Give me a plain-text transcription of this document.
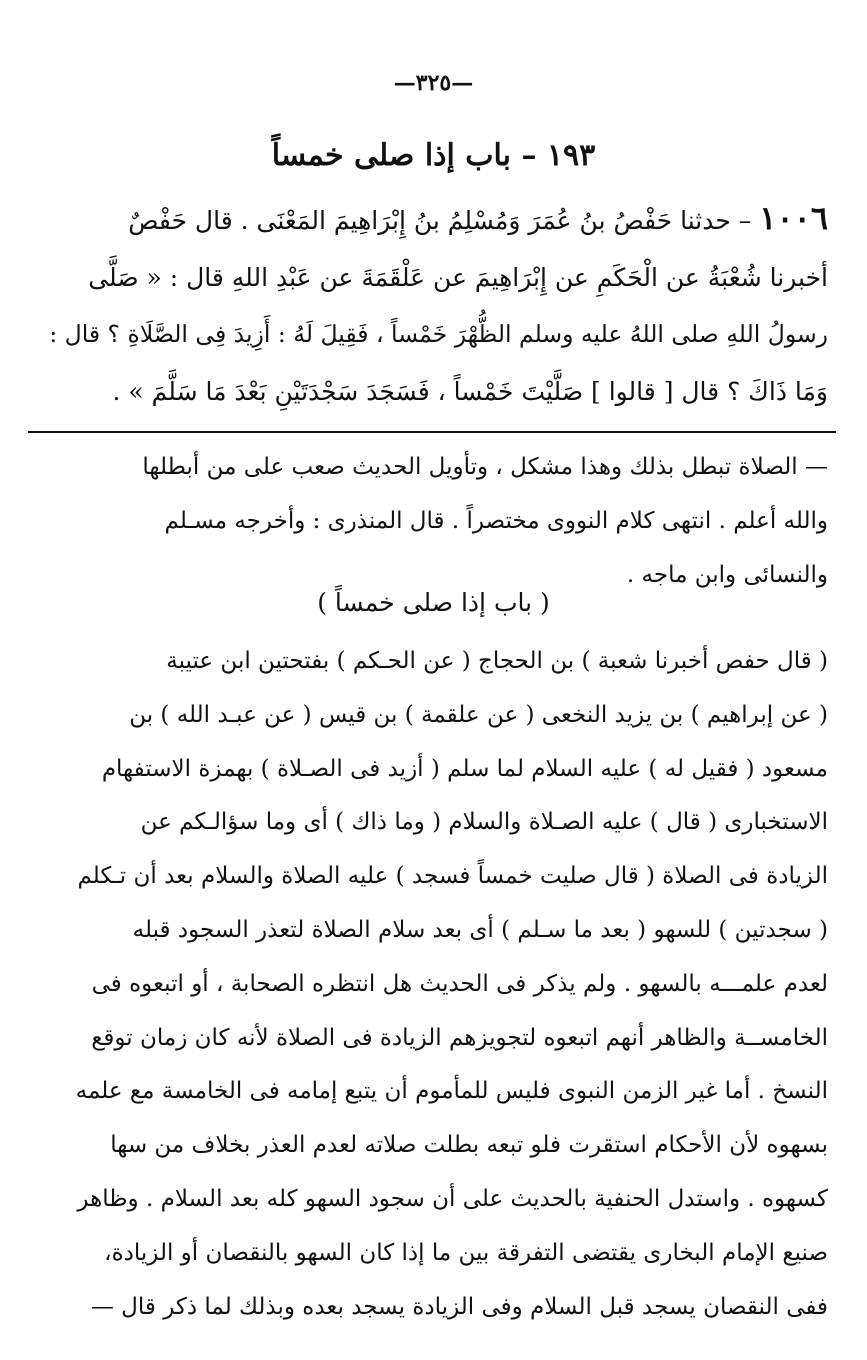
—٣٢٥—
١٩٣ – باب إذا صلى خمساً
١٠٠٦ – حدثنا حَفْصُ بنُ عُمَرَ وَمُسْلِمُ بنُ إِبْرَاهِيمَ المَعْنَى . قال حَفْصٌ
أخبرنا شُعْبَةُ عن الْحَكَمِ عن إِبْرَاهِيمَ عن عَلْقَمَةَ عن عَبْدِ اللهِ قال : « صَلَّى
رسولُ اللهِ صلى اللهُ عليه وسلم الظُّهْرَ خَمْساً ، فَقِيلَ لَهُ : أَزِيدَ فِى الصَّلَاةِ ؟ قال :
وَمَا ذَاكَ ؟ قال [ قالوا ] صَلَّيْتَ خَمْساً ، فَسَجَدَ سَجْدَتَيْنِ بَعْدَ مَا سَلَّمَ » .
— الصلاة تبطل بذلك وهذا مشكل ، وتأويل الحديث صعب على من أبطلها
والله أعلم . انتهى كلام النووى مختصراً . قال المنذرى : وأخرجه مسـلم
والنسائى وابن ماجه .
( باب إذا صلى خمساً )
( قال حفص أخبرنا شعبة ) بن الحجاج ( عن الحـكم ) بفتحتين ابن عتيبة
( عن إبراهيم ) بن يزيد النخعى ( عن علقمة ) بن قيس ( عن عبـد الله ) بن
مسعود ( فقيل له ) عليه السلام لما سلم ( أزيد فى الصـلاة ) بهمزة الاستفهام
الاستخبارى ( قال ) عليه الصـلاة والسلام ( وما ذاك ) أى وما سؤالـكم عن
الزيادة فى الصلاة ( قال صليت خمساً فسجد ) عليه الصلاة والسلام بعد أن تـكلم
( سجدتين ) للسهو ( بعد ما سـلم ) أى بعد سلام الصلاة لتعذر السجود قبله
لعدم علمـــه بالسهو . ولم يذكر فى الحديث هل انتظره الصحابة ، أو اتبعوه فى
الخامســة والظاهر أنهم اتبعوه لتجويزهم الزيادة فى الصلاة لأنه كان زمان توقع
النسخ . أما غير الزمن النبوى فليس للمأموم أن يتبع إمامه فى الخامسة مع علمه
بسهوه لأن الأحكام استقرت فلو تبعه بطلت صلاته لعدم العذر بخلاف من سها
كسهوه . واستدل الحنفية بالحديث على أن سجود السهو كله بعد السلام . وظاهر
صنيع الإمام البخارى يقتضى التفرقة بين ما إذا كان السهو بالنقصان أو الزيادة،
ففى النقصان يسجد قبل السلام وفى الزيادة يسجد بعده وبذلك لما ذكر قال —
